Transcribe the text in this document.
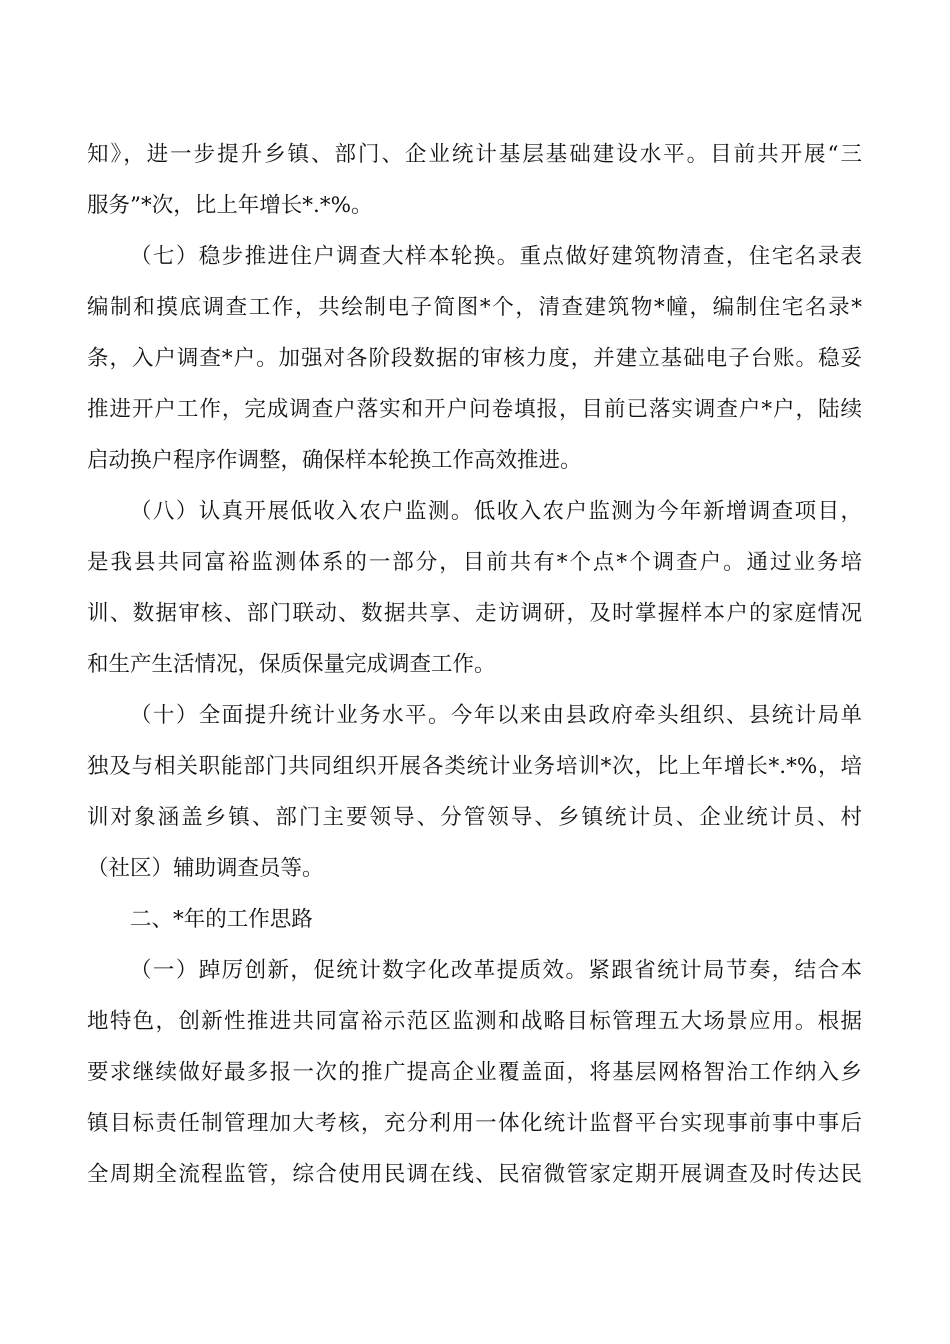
知》，进一步提升乡镇、部门、企业统计基层基础建设水平。目前共开展“三
服务”*次，比上年增长*.*%。
（七）稳步推进住户调查大样本轮换。重点做好建筑物清查，住宅名录表
编制和摸底调查工作，共绘制电子简图*个，清查建筑物*幢，编制住宅名录*
条，入户调查*户。加强对各阶段数据的审核力度，并建立基础电子台账。稳妥
推进开户工作，完成调查户落实和开户问卷填报，目前已落实调查户*户，陆续
启动换户程序作调整，确保样本轮换工作高效推进。
（八）认真开展低收入农户监测。低收入农户监测为今年新增调查项目，
是我县共同富裕监测体系的一部分，目前共有*个点*个调查户。通过业务培
训、数据审核、部门联动、数据共享、走访调研，及时掌握样本户的家庭情况
和生产生活情况，保质保量完成调查工作。
（十）全面提升统计业务水平。今年以来由县政府牵头组织、县统计局单
独及与相关职能部门共同组织开展各类统计业务培训*次，比上年增长*.*%，培
训对象涵盖乡镇、部门主要领导、分管领导、乡镇统计员、企业统计员、村
（社区）辅助调查员等。
二、*年的工作思路
（一）踔厉创新，促统计数字化改革提质效。紧跟省统计局节奏，结合本
地特色，创新性推进共同富裕示范区监测和战略目标管理五大场景应用。根据
要求继续做好最多报一次的推广提高企业覆盖面，将基层网格智治工作纳入乡
镇目标责任制管理加大考核，充分利用一体化统计监督平台实现事前事中事后
全周期全流程监管，综合使用民调在线、民宿微管家定期开展调查及时传达民
